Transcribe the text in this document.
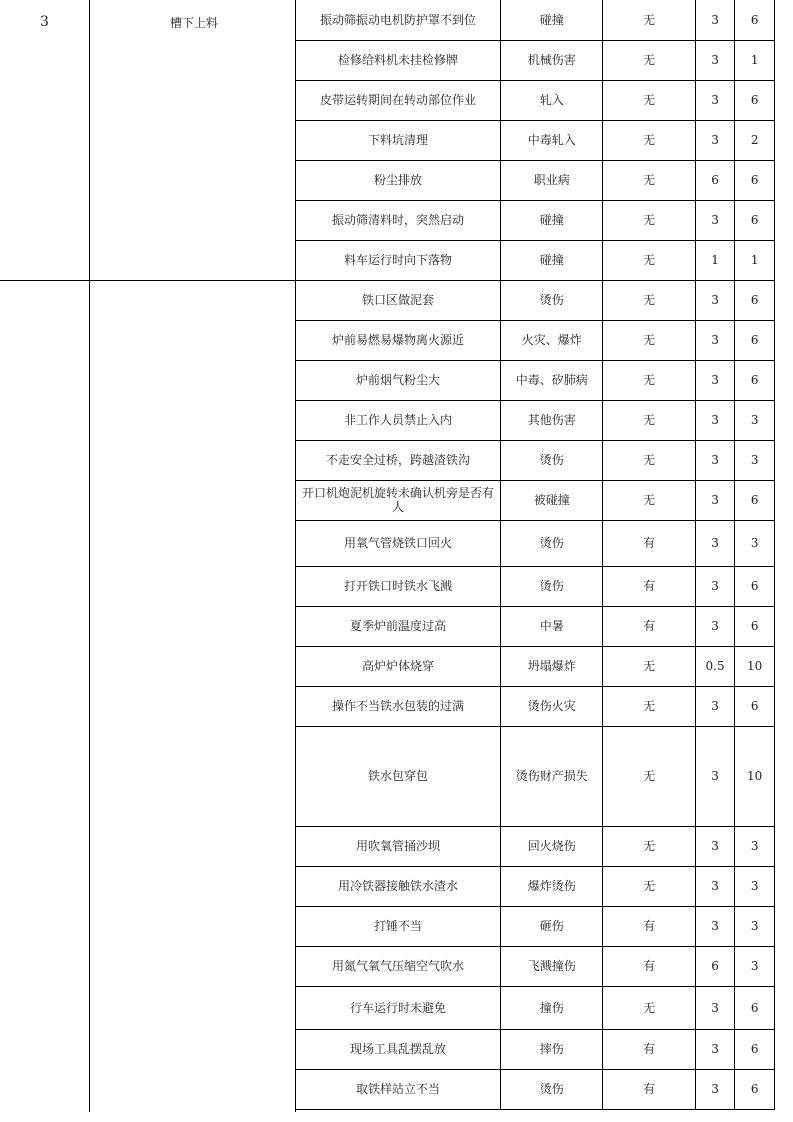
3	槽下上料	振动筛振动电机防护罩不到位	碰撞	无	3	6
检修给料机未挂检修牌	机械伤害	无	3	1
皮带运转期间在转动部位作业	轧入	无	3	6
下料坑清理	中毒轧入	无	3	2
粉尘排放	职业病	无	6	6
振动筛清料时，突然启动	碰撞	无	3	6
料车运行时向下落物	碰撞	无	1	1
铁口区做泥套	烫伤	无	3	6
炉前易燃易爆物离火源近	火灾、爆炸	无	3	6
炉前烟气粉尘大	中毒、矽肺病	无	3	6
非工作人员禁止入内	其他伤害	无	3	3
不走安全过桥，跨越渣铁沟	烫伤	无	3	3
开口机炮泥机旋转未确认机旁是否有人	被碰撞	无	3	6
用氧气管烧铁口回火	烫伤	有	3	3
打开铁口时铁水飞溅	烫伤	有	3	6
夏季炉前温度过高	中暑	有	3	6
高炉炉体烧穿	坍塌爆炸	无	0.5	10
操作不当铁水包装的过满	烫伤火灾	无	3	6
铁水包穿包	烫伤财产损失	无	3	10
用吹氧管捅沙坝	回火烧伤	无	3	3
用冷铁器接触铁水渣水	爆炸烫伤	无	3	3
打锤不当	砸伤	有	3	3
用氮气氧气压缩空气吹水	飞溅撞伤	有	6	3
行车运行时未避免	撞伤	无	3	6
现场工具乱摆乱放	摔伤	有	3	6
取铁样站立不当	烫伤	有	3	6
